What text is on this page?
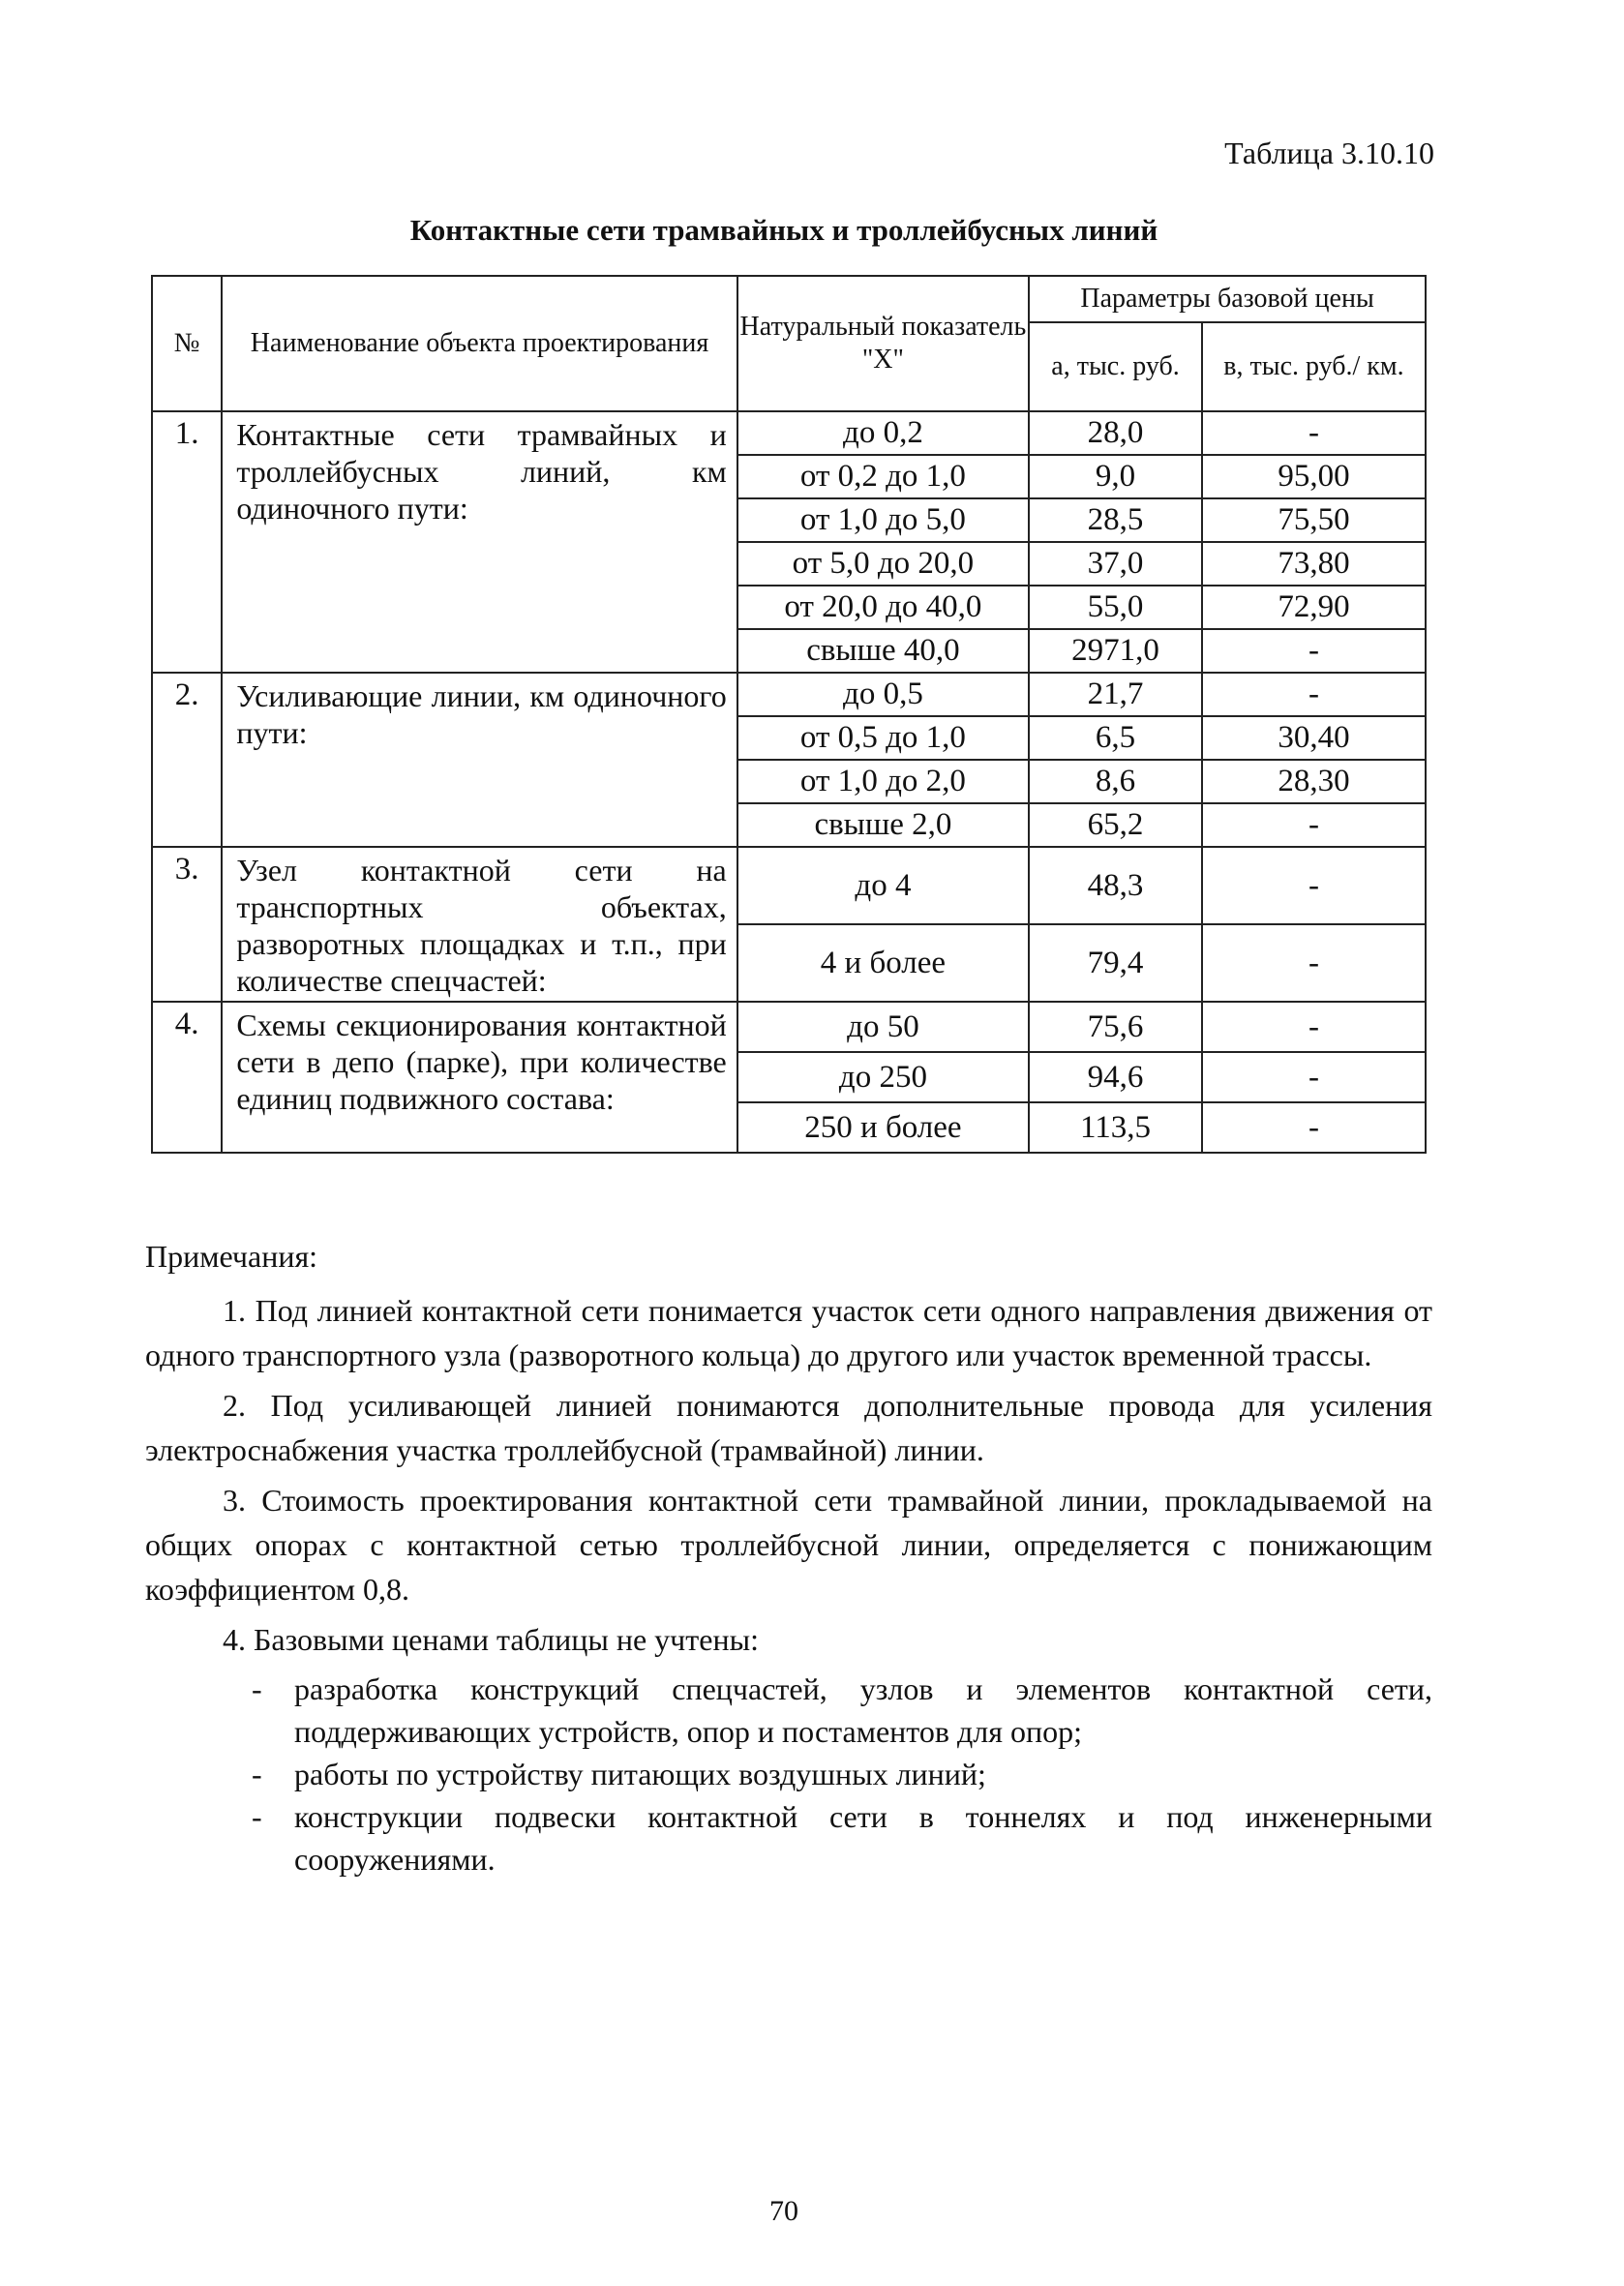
Таблица 3.10.10
Контактные сети трамвайных и троллейбусных линий
№	Наименованиe объекта проектирования	Натуральный показатель "X"	Параметры базовой цены	
			а, тыс. руб.	в, тыс. руб./ км.
1.	Контактные сети трамвайных и троллейбусных линий, км одиночного пути:	до 0,2	28,0	-
		от 0,2 до 1,0	9,0	95,00
		от 1,0 до 5,0	28,5	75,50
		от 5,0 до 20,0	37,0	73,80
		от 20,0 до 40,0	55,0	72,90
		свыше 40,0	2971,0	-
2.	Усиливающие линии, км одиночного пути:	до 0,5	21,7	-
		от 0,5 до 1,0	6,5	30,40
		от 1,0 до 2,0	8,6	28,30
		свыше 2,0	65,2	-
3.	Узел контактной сети на транспортных объектах, разворотных площадках и т.п., при количестве спецчастей:	до 4	48,3	-
		4 и более	79,4	-
4.	Схемы секционирования контактной сети в депо (парке), при количестве единиц подвижного состава:	до 50	75,6	-
		до 250	94,6	-
		250 и более	113,5	-
Примечания:

1. Под линией контактной сети понимается участок сети одного направления движения от одного транспортного узла (разворотного кольца) до другого или участок временной трассы.

2. Под усиливающей линией понимаются дополнительные провода для усиления электроснабжения участка троллейбусной (трамвайной) линии.

3. Стоимость проектирования контактной сети трамвайной линии, прокладываемой на общих опорах с контактной сетью троллейбусной линии, определяется с понижающим коэффициентом 0,8.

4. Базовыми ценами таблицы не учтены:

- разработка конструкций спецчастей, узлов и элементов контактной сети, поддерживающих устройств, опор и постаментов для опор;
- работы по устройству питающих воздушных линий;
- конструкции подвески контактной сети в тоннелях и под инженерными сооружениями.
70
